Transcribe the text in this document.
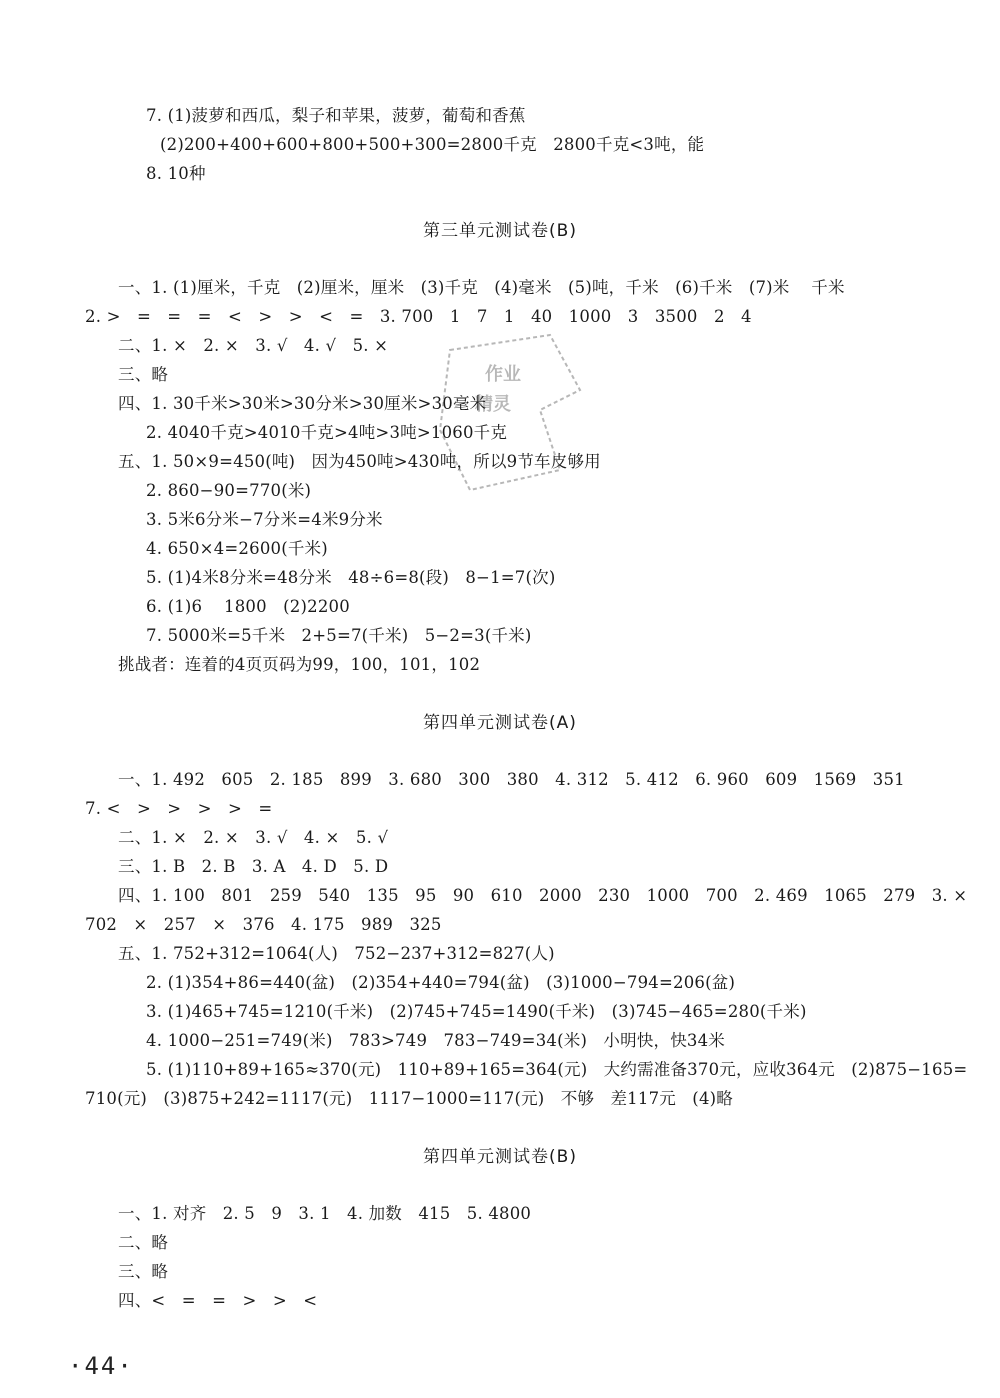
7. (1)菠萝和西瓜，梨子和苹果，菠萝，葡萄和香蕉
(2)200+400+600+800+500+300=2800千克   2800千克<3吨，能
8. 10种
第三单元测试卷(B)
一、1. (1)厘米，千克   (2)厘米，厘米   (3)千克   (4)毫米   (5)吨，千米   (6)千米   (7)米    千米
2. >   =   =   =   <   >   >   <   =   3. 700   1   7   1   40   1000   3   3500   2   4
二、1. ×   2. ×   3. √   4. √   5. ×
三、略
四、1. 30千米>30米>30分米>30厘米>30毫米
2. 4040千克>4010千克>4吨>3吨>1060千克
五、1. 50×9=450(吨)   因为450吨>430吨，所以9节车皮够用
2. 860−90=770(米)
3. 5米6分米−7分米=4米9分米
4. 650×4=2600(千米)
5. (1)4米8分米=48分米   48÷6=8(段)   8−1=7(次)
6. (1)6    1800   (2)2200
7. 5000米=5千米   2+5=7(千米)   5−2=3(千米)
挑战者：连着的4页页码为99，100，101，102
第四单元测试卷(A)
一、1. 492   605   2. 185   899   3. 680   300   380   4. 312   5. 412   6. 960   609   1569   351
7. <   >   >   >   >   =
二、1. ×   2. ×   3. √   4. ×   5. √
三、1. B   2. B   3. A   4. D   5. D
四、1. 100   801   259   540   135   95   90   610   2000   230   1000   700   2. 469   1065   279   3. ×
702   ×   257   ×   376   4. 175   989   325
五、1. 752+312=1064(人)   752−237+312=827(人)
2. (1)354+86=440(盆)   (2)354+440=794(盆)   (3)1000−794=206(盆)
3. (1)465+745=1210(千米)   (2)745+745=1490(千米)   (3)745−465=280(千米)
4. 1000−251=749(米)   783>749   783−749=34(米)   小明快，快34米
5. (1)110+89+165≈370(元)   110+89+165=364(元)   大约需准备370元，应收364元   (2)875−165=
710(元)   (3)875+242=1117(元)   1117−1000=117(元)   不够   差117元   (4)略
第四单元测试卷(B)
一、1. 对齐   2. 5   9   3. 1   4. 加数   415   5. 4800
二、略
三、略
四、<   =   =   >   >   <
作业
精灵
·44·
